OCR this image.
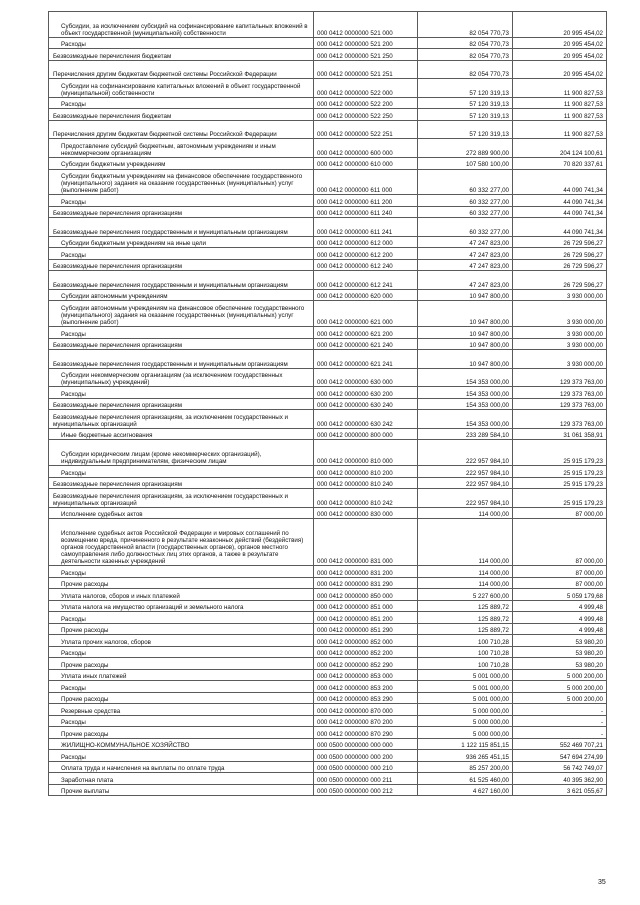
Субсидии, за исключением субсидий на софинансирование капитальных вложений в объект государственной (муниципальной) собственности	000 0412 0000000 521 000	82 054 770,73	20 995 454,02
Расходы	000 0412 0000000 521 200	82 054 770,73	20 995 454,02
Безвозмездные перечисления бюджетам	000 0412 0000000 521 250	82 054 770,73	20 995 454,02
Перечисления другим бюджетам бюджетной системы Российской Федерации	000 0412 0000000 521 251	82 054 770,73	20 995 454,02
Субсидии на софинансирование капитальных вложений в объект государственной (муниципальной) собственности	000 0412 0000000 522 000	57 120 319,13	11 900 827,53
Расходы	000 0412 0000000 522 200	57 120 319,13	11 900 827,53
Безвозмездные перечисления бюджетам	000 0412 0000000 522 250	57 120 319,13	11 900 827,53
Перечисления другим бюджетам бюджетной системы Российской Федерации	000 0412 0000000 522 251	57 120 319,13	11 900 827,53
Предоставление субсидий бюджетным, автономным учреждениям и иным некоммерческим организациям	000 0412 0000000 600 000	272 889 900,00	204 124 100,61
Субсидии бюджетным учреждениям	000 0412 0000000 610 000	107 580 100,00	70 820 337,61
Субсидии бюджетным учреждениям на финансовое обеспечение государственного (муниципального) задания на оказание государственных (муниципальных) услуг (выполнение работ)	000 0412 0000000 611 000	60 332 277,00	44 090 741,34
Расходы	000 0412 0000000 611 200	60 332 277,00	44 090 741,34
Безвозмездные перечисления организациям	000 0412 0000000 611 240	60 332 277,00	44 090 741,34
Безвозмездные перечисления государственным и муниципальным организациям	000 0412 0000000 611 241	60 332 277,00	44 090 741,34
Субсидии бюджетным учреждениям на иные цели	000 0412 0000000 612 000	47 247 823,00	26 729 596,27
Расходы	000 0412 0000000 612 200	47 247 823,00	26 729 596,27
Безвозмездные перечисления организациям	000 0412 0000000 612 240	47 247 823,00	26 729 596,27
Безвозмездные перечисления государственным и муниципальным организациям	000 0412 0000000 612 241	47 247 823,00	26 729 596,27
Субсидии автономным учреждениям	000 0412 0000000 620 000	10 947 800,00	3 930 000,00
Субсидии автономным учреждениям на финансовое обеспечение государственного (муниципального) задания на оказание государственных (муниципальных) услуг (выполнение работ)	000 0412 0000000 621 000	10 947 800,00	3 930 000,00
Расходы	000 0412 0000000 621 200	10 947 800,00	3 930 000,00
Безвозмездные перечисления организациям	000 0412 0000000 621 240	10 947 800,00	3 930 000,00
Безвозмездные перечисления государственным и муниципальным организациям	000 0412 0000000 621 241	10 947 800,00	3 930 000,00
Субсидии некоммерческим организациям (за исключением государственных (муниципальных) учреждений)	000 0412 0000000 630 000	154 353 000,00	129 373 763,00
Расходы	000 0412 0000000 630 200	154 353 000,00	129 373 763,00
Безвозмездные перечисления организациям	000 0412 0000000 630 240	154 353 000,00	129 373 763,00
Безвозмездные перечисления организациям, за исключением государственных и муниципальных организаций	000 0412 0000000 630 242	154 353 000,00	129 373 763,00
Иные бюджетные ассигнования	000 0412 0000000 800 000	233 289 584,10	31 061 358,91
Субсидии юридическим лицам (кроме некоммерческих организаций), индивидуальным предпринимателям, физическим лицам	000 0412 0000000 810 000	222 957 984,10	25 915 179,23
Расходы	000 0412 0000000 810 200	222 957 984,10	25 915 179,23
Безвозмездные перечисления организациям	000 0412 0000000 810 240	222 957 984,10	25 915 179,23
Безвозмездные перечисления организациям, за исключением государственных и муниципальных организаций	000 0412 0000000 810 242	222 957 984,10	25 915 179,23
Исполнение судебных актов	000 0412 0000000 830 000	114 000,00	87 000,00
Исполнение судебных актов Российской Федерации и мировых соглашений по возмещению вреда, причиненного в результате незаконных действий (бездействия) органов государственной власти (государственных органов), органов местного самоуправления либо должностных лиц этих органов, а также в результате деятельности казенных учреждений	000 0412 0000000 831 000	114 000,00	87 000,00
Расходы	000 0412 0000000 831 200	114 000,00	87 000,00
Прочие расходы	000 0412 0000000 831 290	114 000,00	87 000,00
Уплата налогов, сборов и иных платежей	000 0412 0000000 850 000	5 227 600,00	5 059 179,68
Уплата налога на имущество организаций и земельного налога	000 0412 0000000 851 000	125 889,72	4 999,48
Расходы	000 0412 0000000 851 200	125 889,72	4 999,48
Прочие расходы	000 0412 0000000 851 290	125 889,72	4 999,48
Уплата прочих налогов, сборов	000 0412 0000000 852 000	100 710,28	53 980,20
Расходы	000 0412 0000000 852 200	100 710,28	53 980,20
Прочие расходы	000 0412 0000000 852 290	100 710,28	53 980,20
Уплата иных платежей	000 0412 0000000 853 000	5 001 000,00	5 000 200,00
Расходы	000 0412 0000000 853 200	5 001 000,00	5 000 200,00
Прочие расходы	000 0412 0000000 853 290	5 001 000,00	5 000 200,00
Резервные средства	000 0412 0000000 870 000	5 000 000,00	-
Расходы	000 0412 0000000 870 200	5 000 000,00	-
Прочие расходы	000 0412 0000000 870 290	5 000 000,00	-
ЖИЛИЩНО-КОММУНАЛЬНОЕ ХОЗЯЙСТВО	000 0500 0000000 000 000	1 122 115 851,15	552 469 707,21
Расходы	000 0500 0000000 000 200	936 265 451,15	547 694 274,99
Оплата труда и начисления на выплаты по оплате труда	000 0500 0000000 000 210	85 257 200,00	56 742 749,07
Заработная плата	000 0500 0000000 000 211	61 525 460,00	40 395 362,90
Прочие выплаты	000 0500 0000000 000 212	4 627 160,00	3 621 055,67
35
